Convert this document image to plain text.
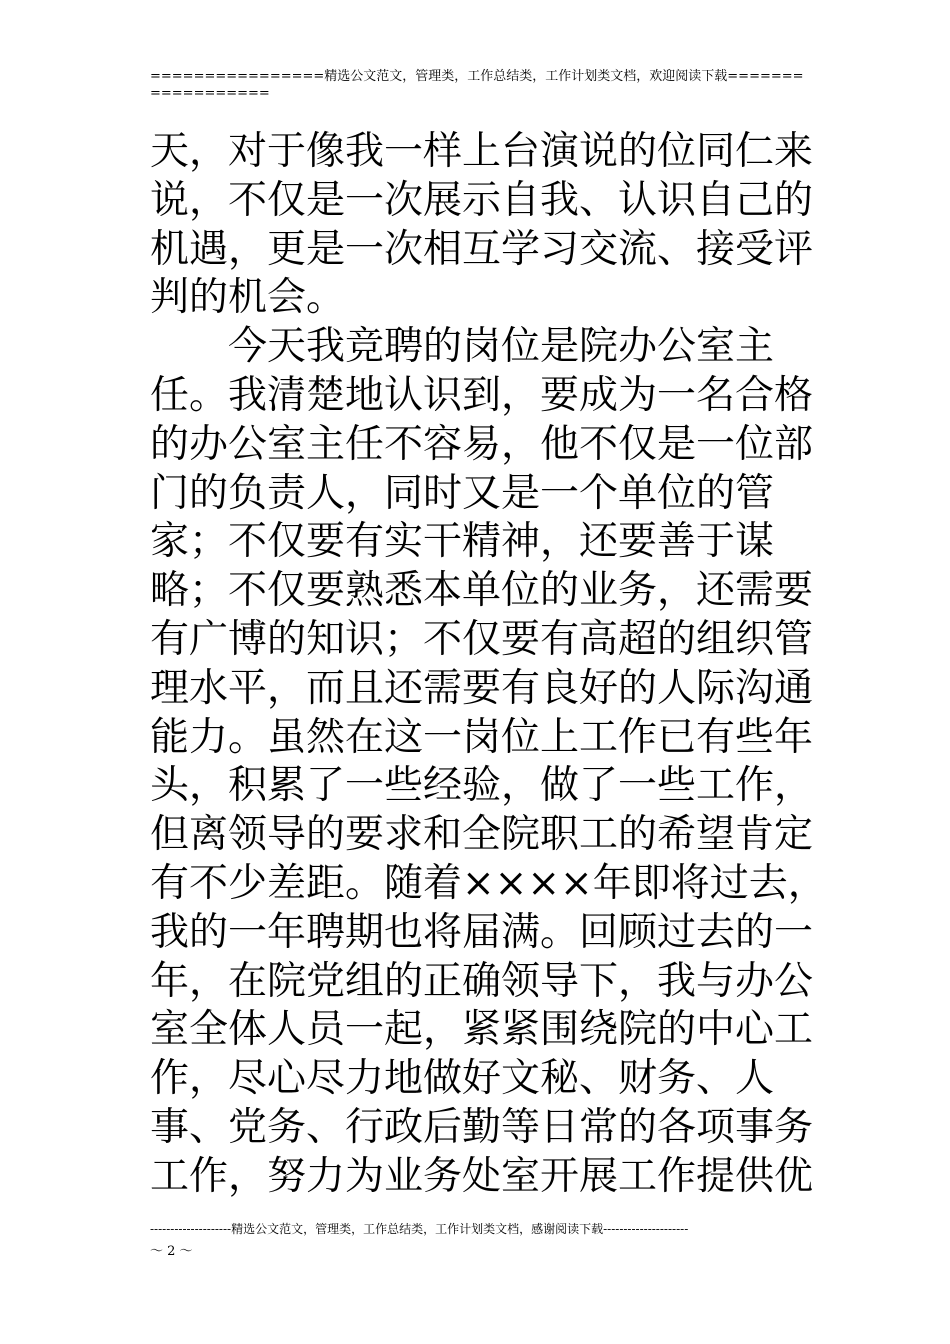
================精选公文范文，管理类，工作总结类，工作计划类文档，欢迎阅读下载==================
天，对于像我一样上台演说的位同仁来
说，不仅是一次展示自我、认识自己的
机遇，更是一次相互学习交流、接受评
判的机会。
　　今天我竞聘的岗位是院办公室主
任。我清楚地认识到，要成为一名合格
的办公室主任不容易，他不仅是一位部
门的负责人，同时又是一个单位的管
家；不仅要有实干精神，还要善于谋
略；不仅要熟悉本单位的业务，还需要
有广博的知识；不仅要有高超的组织管
理水平，而且还需要有良好的人际沟通
能力。虽然在这一岗位上工作已有些年
头，积累了一些经验，做了一些工作，
但离领导的要求和全院职工的希望肯定
有不少差距。随着××××年即将过去，
我的一年聘期也将届满。回顾过去的一
年，在院党组的正确领导下，我与办公
室全体人员一起，紧紧围绕院的中心工
作，尽心尽力地做好文秘、财务、人
事、党务、行政后勤等日常的各项事务
工作，努力为业务处室开展工作提供优
--------------------精选公文范文，管理类，工作总结类，工作计划类文档，感谢阅读下载---------------------
～ 2 ～
